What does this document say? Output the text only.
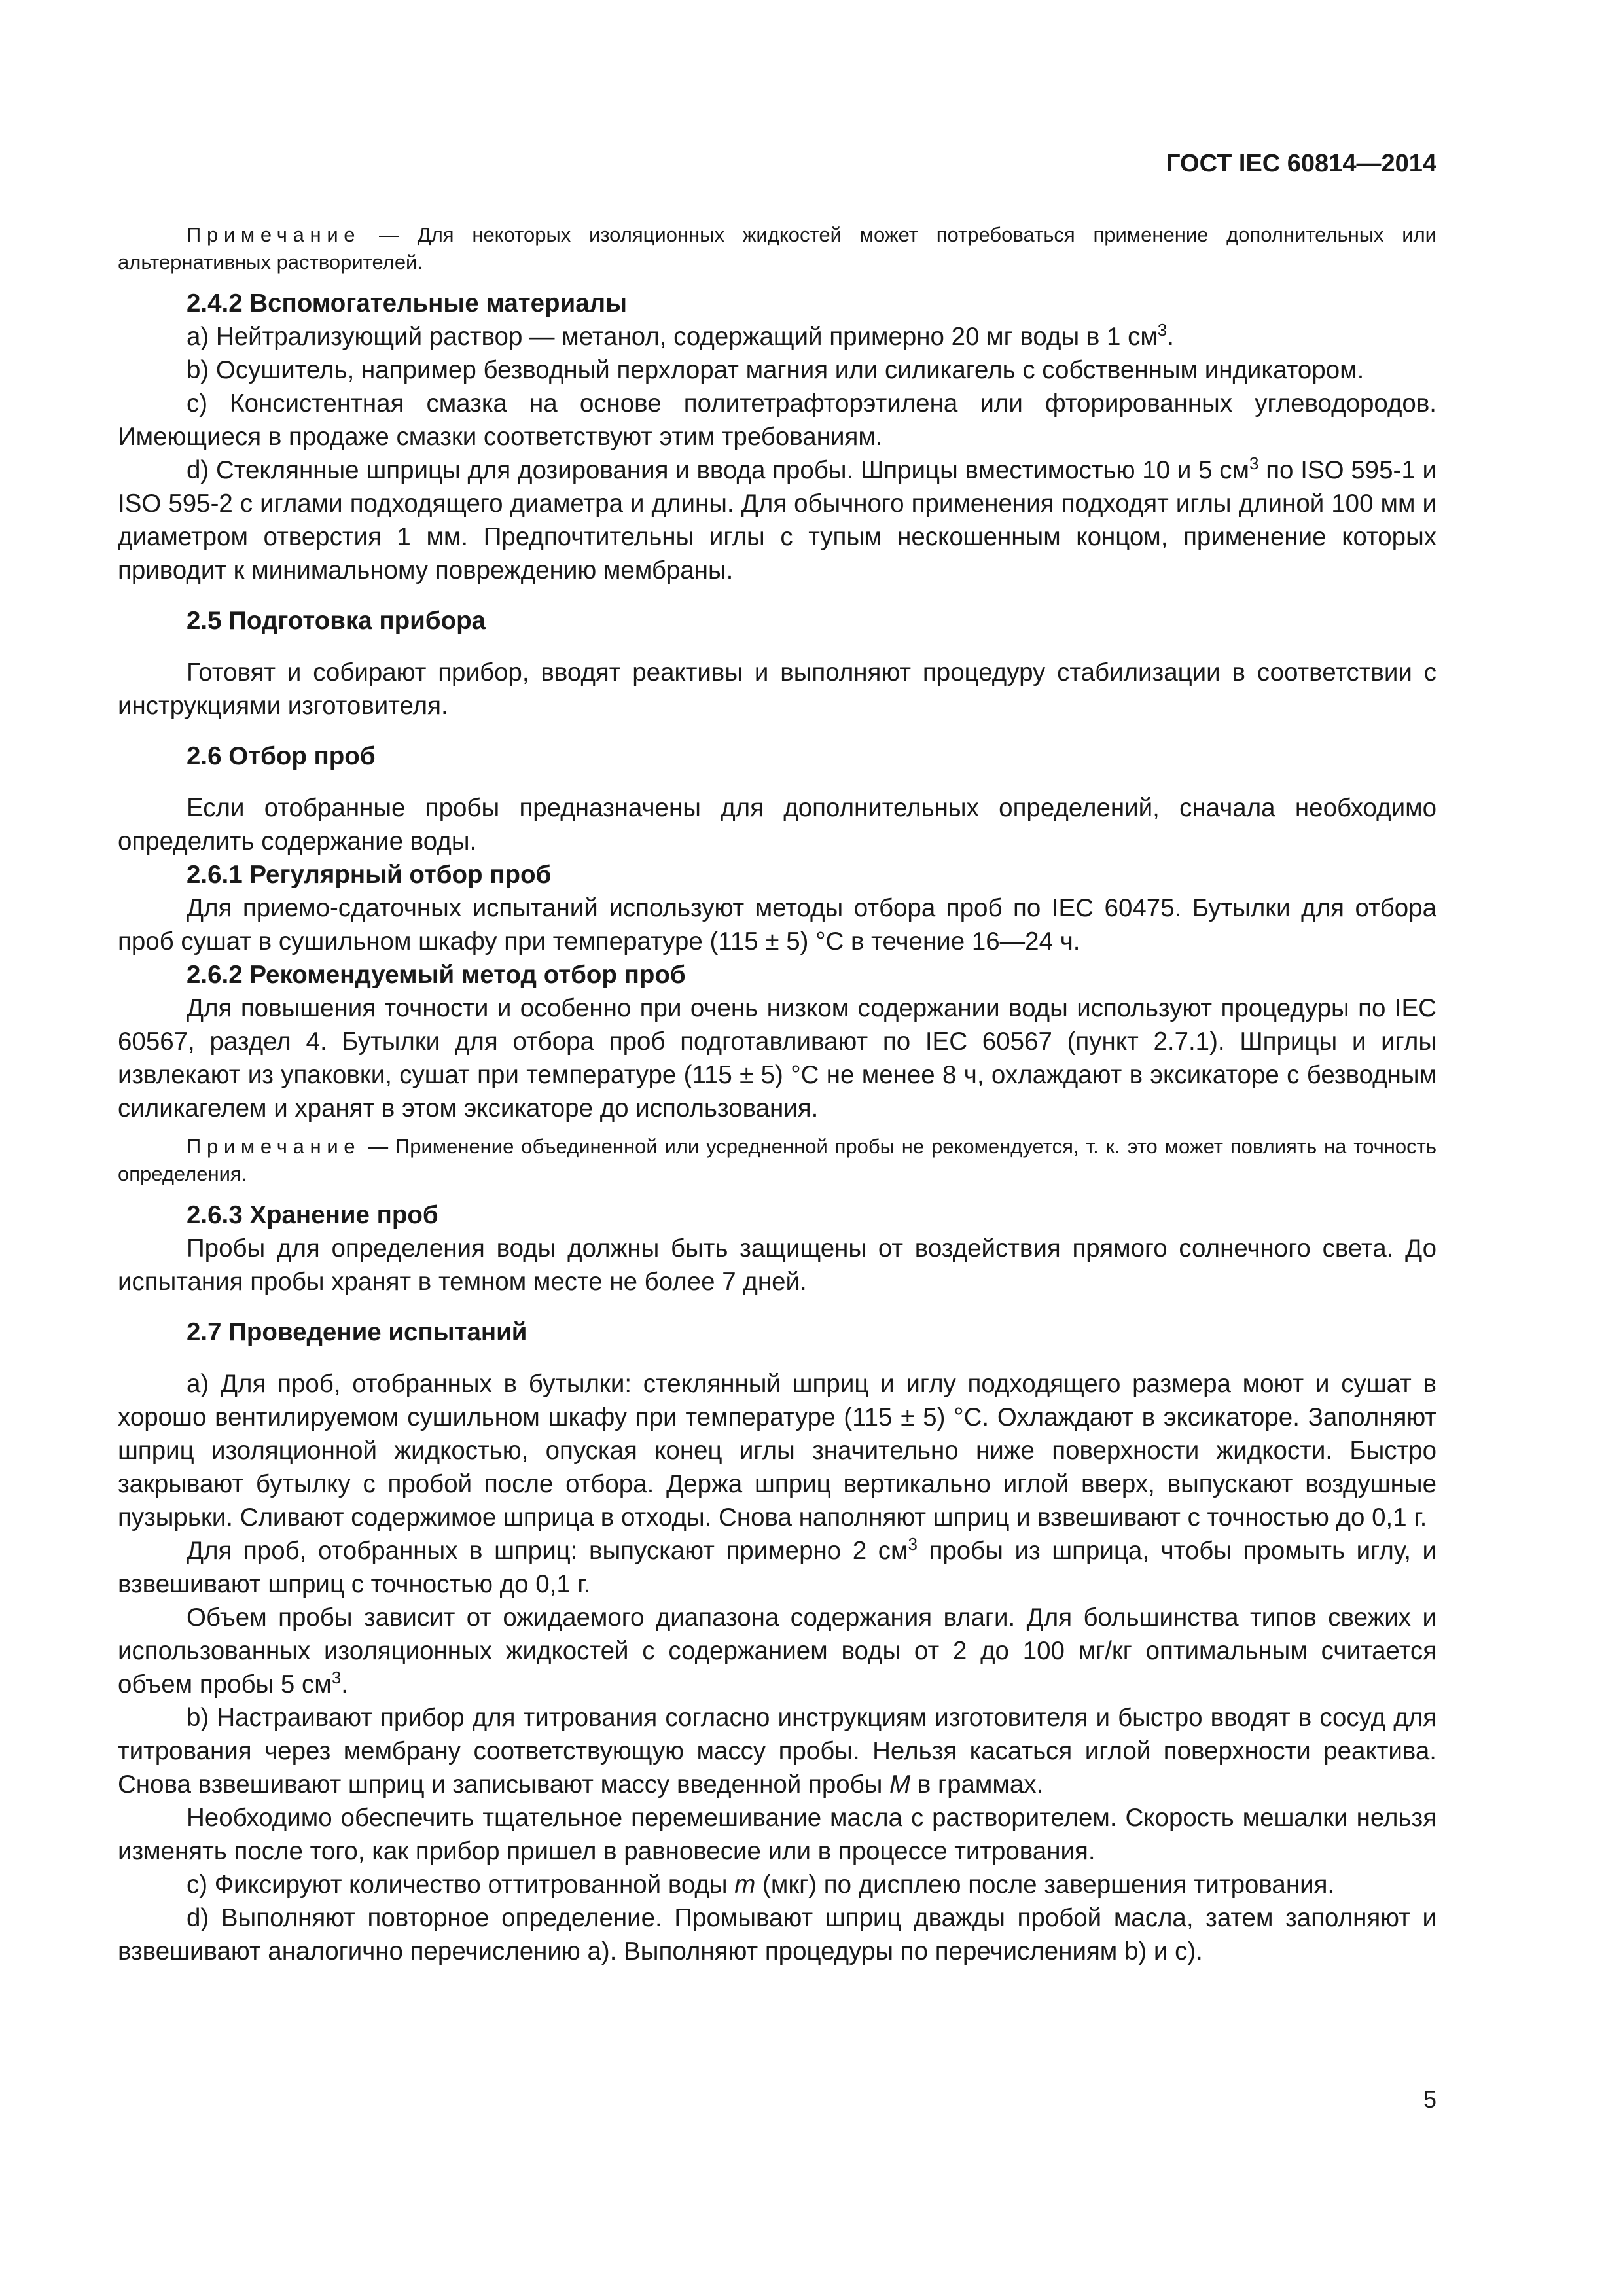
ГОСТ IEC 60814—2014

Примечание — Для некоторых изоляционных жидкостей может потребоваться применение дополнительных или альтернативных растворителей.

2.4.2 Вспомогательные материалы

a) Нейтрализующий раствор — метанол, содержащий примерно 20 мг воды в 1 $см^3$.

b) Осушитель, например безводный перхлорат магния или силикагель с собственным индикатором.

c) Консистентная смазка на основе политетрафторэтилена или фторированных углеводородов. Имеющиеся в продаже смазки соответствуют этим требованиям.

d) Стеклянные шприцы для дозирования и ввода пробы. Шприцы вместимостью 10 и 5 $см^3$ по ISO 595-1 и ISO 595-2 с иглами подходящего диаметра и длины. Для обычного применения подходят иглы длиной 100 мм и диаметром отверстия 1 мм. Предпочтительны иглы с тупым нескошенным концом, применение которых приводит к минимальному повреждению мембраны.

2.5 Подготовка прибора

Готовят и собирают прибор, вводят реактивы и выполняют процедуру стабилизации в соответствии с инструкциями изготовителя.

2.6 Отбор проб

Если отобранные пробы предназначены для дополнительных определений, сначала необходимо определить содержание воды.

2.6.1 Регулярный отбор проб

Для приемо-сдаточных испытаний используют методы отбора проб по IEC 60475. Бутылки для отбора проб сушат в сушильном шкафу при температуре (115 ± 5) °С в течение 16—24 ч.

2.6.2 Рекомендуемый метод отбор проб

Для повышения точности и особенно при очень низком содержании воды используют процедуры по IEC 60567, раздел 4. Бутылки для отбора проб подготавливают по IEC 60567 (пункт 2.7.1). Шприцы и иглы извлекают из упаковки, сушат при температуре (115 ± 5) °С не менее 8 ч, охлаждают в эксикаторе с безводным силикагелем и хранят в этом эксикаторе до использования.

Примечание — Применение объединенной или усредненной пробы не рекомендуется, т. к. это может повлиять на точность определения.

2.6.3 Хранение проб

Пробы для определения воды должны быть защищены от воздействия прямого солнечного света. До испытания пробы хранят в темном месте не более 7 дней.

2.7 Проведение испытаний

a) Для проб, отобранных в бутылки: стеклянный шприц и иглу подходящего размера моют и сушат в хорошо вентилируемом сушильном шкафу при температуре (115 ± 5) °С. Охлаждают в эксикаторе. Заполняют шприц изоляционной жидкостью, опуская конец иглы значительно ниже поверхности жидкости. Быстро закрывают бутылку с пробой после отбора. Держа шприц вертикально иглой вверх, выпускают воздушные пузырьки. Сливают содержимое шприца в отходы. Снова наполняют шприц и взвешивают с точностью до 0,1 г.

Для проб, отобранных в шприц: выпускают примерно 2 $см^3$ пробы из шприца, чтобы промыть иглу, и взвешивают шприц с точностью до 0,1 г.

Объем пробы зависит от ожидаемого диапазона содержания влаги. Для большинства типов свежих и использованных изоляционных жидкостей с содержанием воды от 2 до 100 мг/кг оптимальным считается объем пробы 5 $см^3$.

b) Настраивают прибор для титрования согласно инструкциям изготовителя и быстро вводят в сосуд для титрования через мембрану соответствующую массу пробы. Нельзя касаться иглой поверхности реактива. Снова взвешивают шприц и записывают массу введенной пробы M в граммах.

Необходимо обеспечить тщательное перемешивание масла с растворителем. Скорость мешалки нельзя изменять после того, как прибор пришел в равновесие или в процессе титрования.

c) Фиксируют количество оттитрованной воды m (мкг) по дисплею после завершения титрования.

d) Выполняют повторное определение. Промывают шприц дважды пробой масла, затем заполняют и взвешивают аналогично перечислению a). Выполняют процедуры по перечислениям b) и c).

5
